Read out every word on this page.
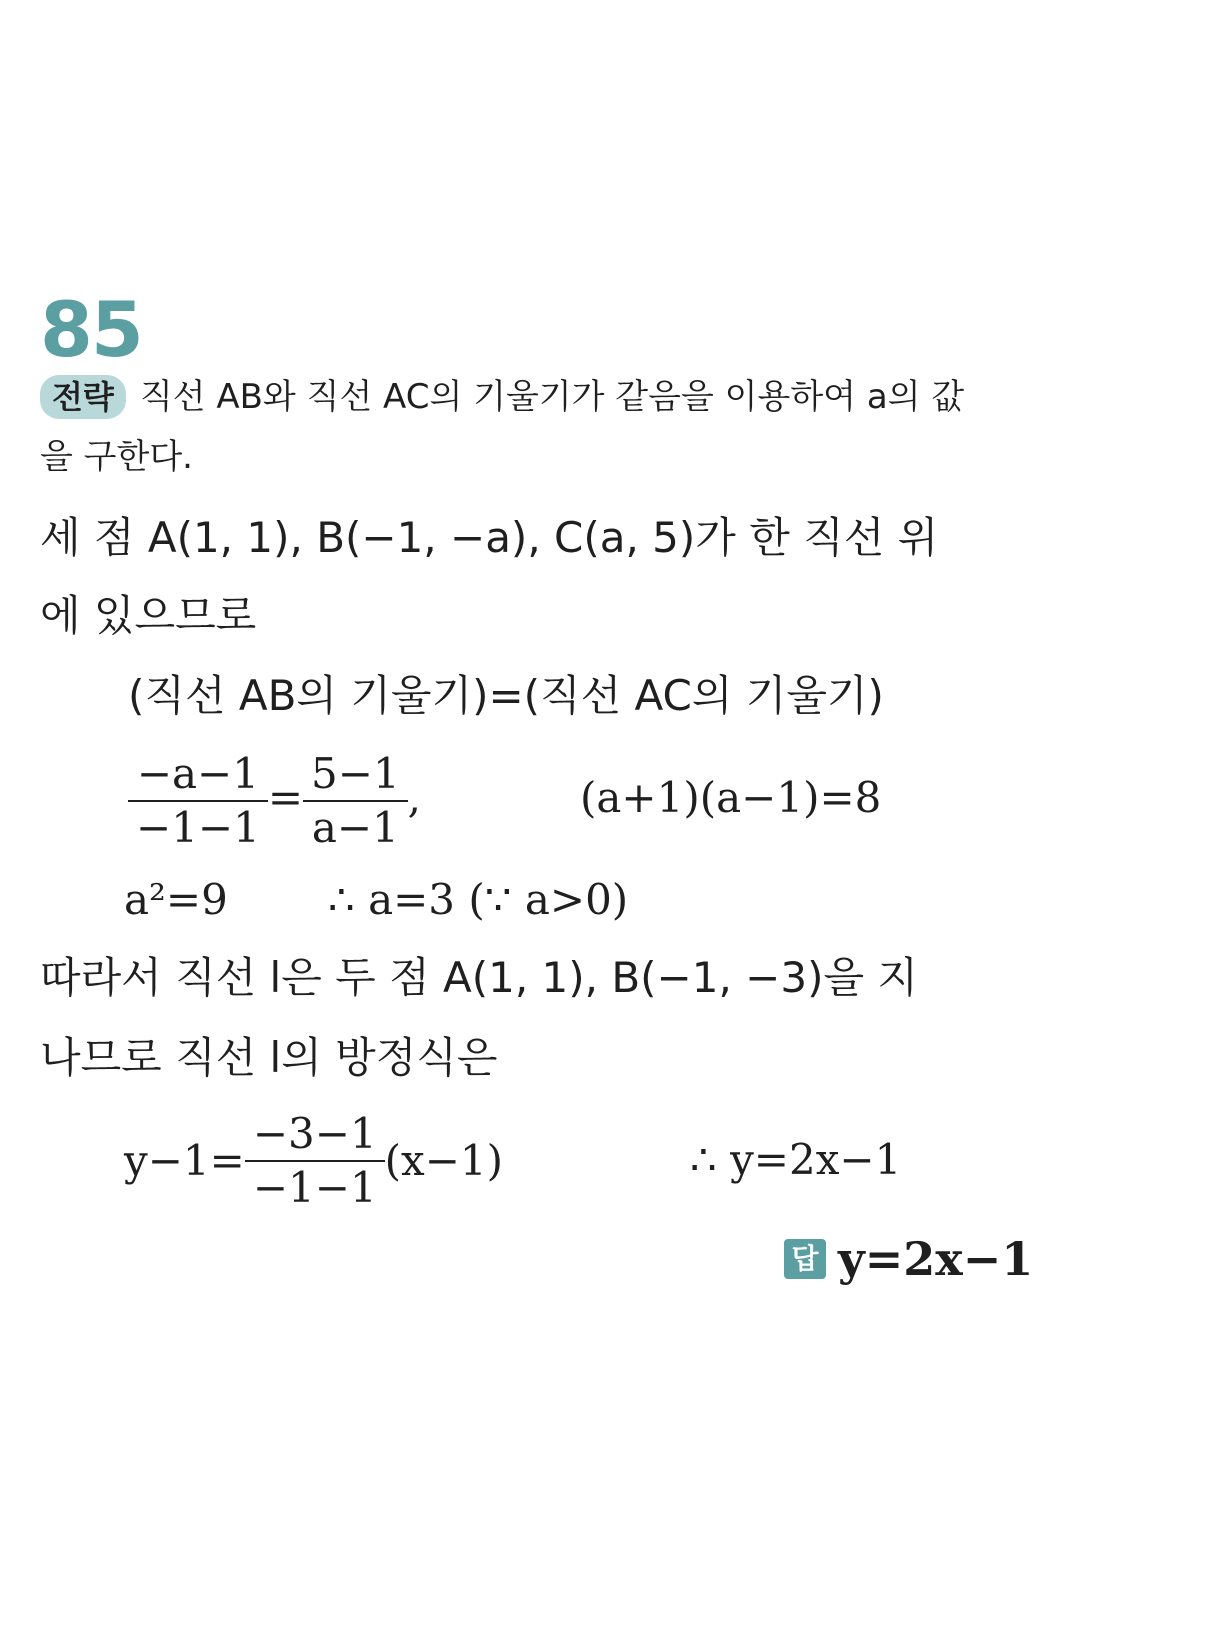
85
전략 직선 AB와 직선 AC의 기울기가 같음을 이용하여 a의 값
을 구한다.
세 점 A(1, 1), B(−1, −a), C(a, 5)가 한 직선 위
에 있으므로
(직선 AB의 기울기)=(직선 AC의 기울기)
$\frac{-a-1}{-1-1} = \frac{5-1}{a-1}$ ,	(a+1)(a−1)=8
a²=9 ∴ a=3 (∵ a>0)
따라서 직선 l은 두 점 A(1, 1), B(−1, −3)을 지
나므로 직선 l의 방정식은
$y-1= \frac{-3-1}{-1-1} (x-1)$	∴ y=2x−1
답 y=2x−1
